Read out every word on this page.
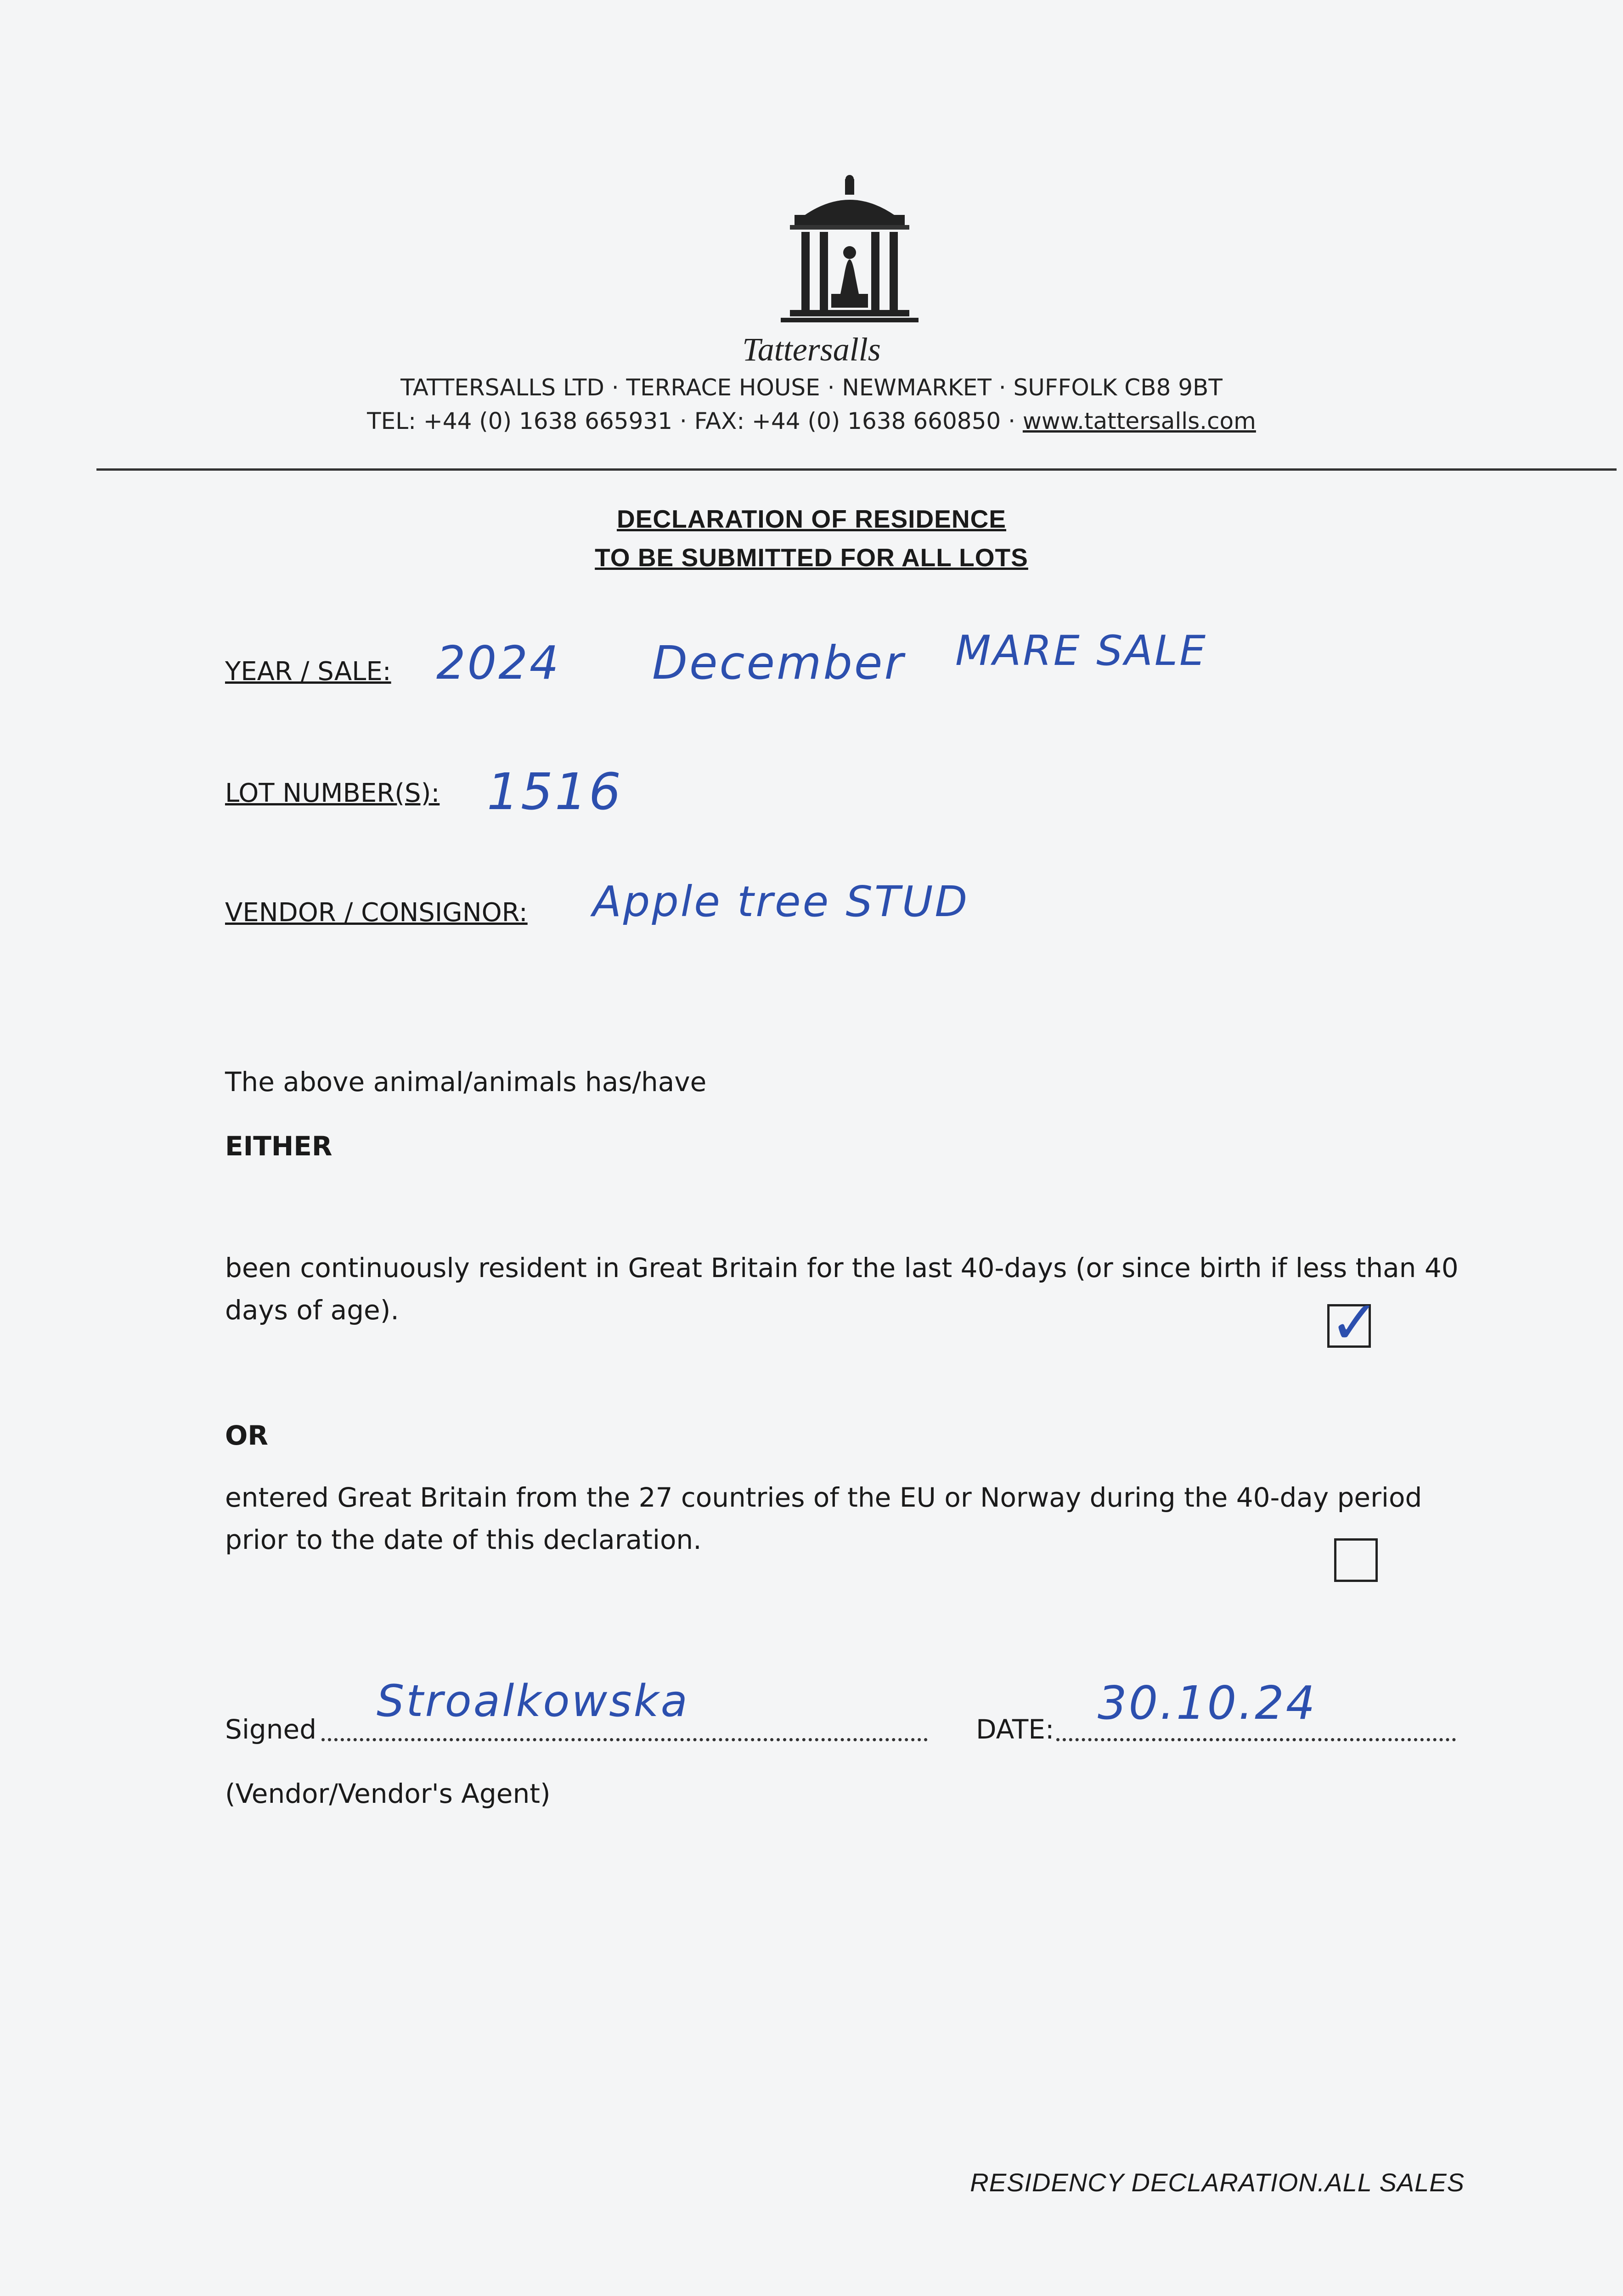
Tattersalls
TATTERSALLS LTD · TERRACE HOUSE · NEWMARKET · SUFFOLK CB8 9BT
TEL: +44 (0) 1638 665931 · FAX: +44 (0) 1638 660850 · www.tattersalls.com
DECLARATION OF RESIDENCE
TO BE SUBMITTED FOR ALL LOTS
YEAR / SALE: 2024 December MARE SALE
LOT NUMBER(S): 1516
VENDOR / CONSIGNOR: Apple tree STUD
The above animal/animals has/have
EITHER
been continuously resident in Great Britain for the last 40-days (or since birth if less than 40 days of age).	✓
OR
entered Great Britain from the 27 countries of the EU or Norway during the 40-day period prior to the date of this declaration.
Signed
Stroalkowska
DATE: 30.10.24
(Vendor/Vendor's Agent)
RESIDENCY DECLARATION.ALL SALES
